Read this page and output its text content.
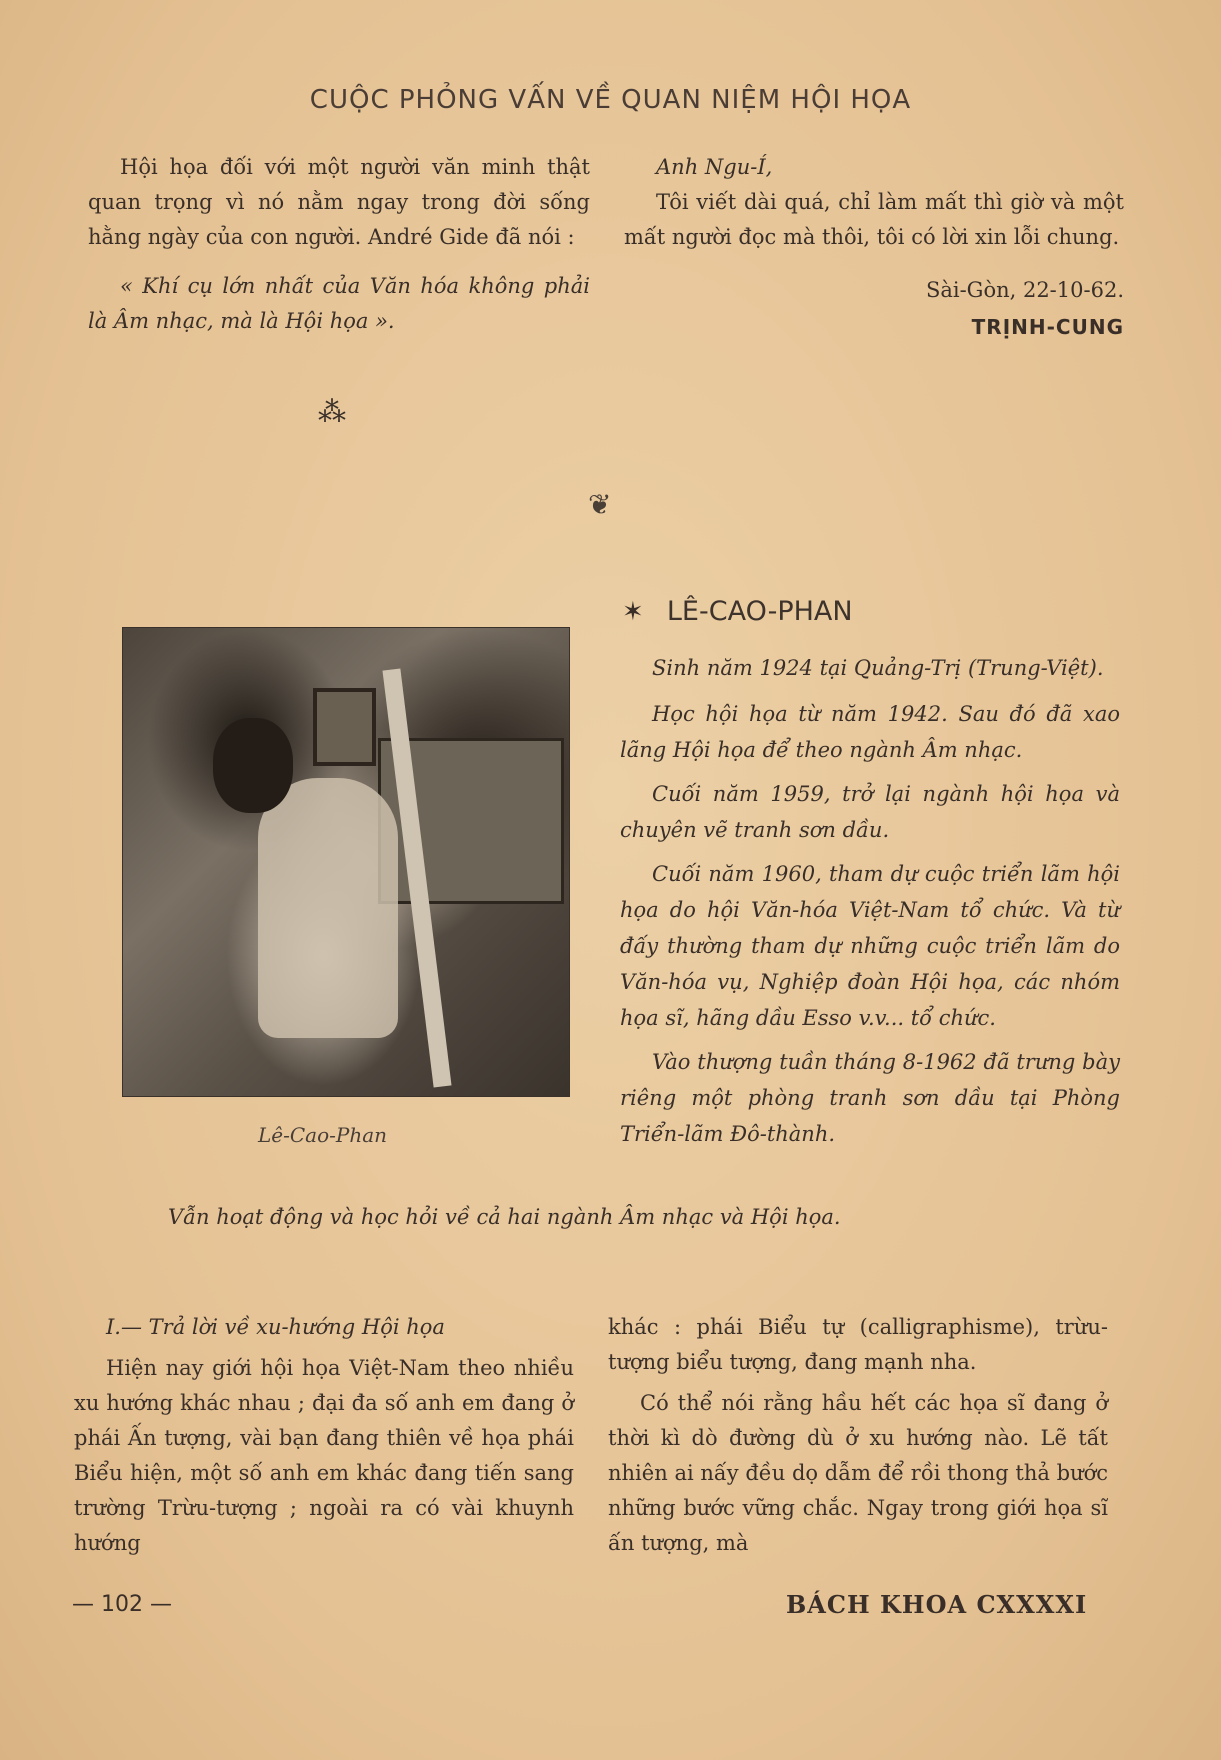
CUỘC PHỎNG VẤN VỀ QUAN NIỆM HỘI HỌA

Hội họa đối với một người văn minh thật quan trọng vì nó nằm ngay trong đời sống hằng ngày của con người. André Gide đã nói :

« Khí cụ lớn nhất của Văn hóa không phải là Âm nhạc, mà là Hội họa ».

⁂

Anh Ngu-Í,

Tôi viết dài quá, chỉ làm mất thì giờ và một mất người đọc mà thôi, tôi có lời xin lỗi chung.

Sài-Gòn, 22-10-62.

TRỊNH-CUNG

❦
Lê-Cao-Phan
✶ LÊ-CAO-PHAN

Sinh năm 1924 tại Quảng-Trị (Trung-Việt).

Học hội họa từ năm 1942. Sau đó đã xao lãng Hội họa để theo ngành Âm nhạc.

Cuối năm 1959, trở lại ngành hội họa và chuyên vẽ tranh sơn dầu.

Cuối năm 1960, tham dự cuộc triển lãm hội họa do hội Văn-hóa Việt-Nam tổ chức. Và từ đấy thường tham dự những cuộc triển lãm do Văn-hóa vụ, Nghiệp đoàn Hội họa, các nhóm họa sĩ, hãng dầu Esso v.v... tổ chức.

Vào thượng tuần tháng 8-1962 đã trưng bày riêng một phòng tranh sơn dầu tại Phòng Triển-lãm Đô-thành.

Vẫn hoạt động và học hỏi về cả hai ngành Âm nhạc và Hội họa.

I.— Trả lời về xu-hướng Hội họa

Hiện nay giới hội họa Việt-Nam theo nhiều xu hướng khác nhau ; đại đa số anh em đang ở phái Ấn tượng, vài bạn đang thiên về họa phái Biểu hiện, một số anh em khác đang tiến sang trường Trừu-tượng ; ngoài ra có vài khuynh hướng

khác : phái Biểu tự (calligraphisme), trừu-tượng biểu tượng, đang mạnh nha.

Có thể nói rằng hầu hết các họa sĩ đang ở thời kì dò đường dù ở xu hướng nào. Lẽ tất nhiên ai nấy đều dọ dẫm để rồi thong thả bước những bước vững chắc. Ngay trong giới họa sĩ ấn tượng, mà

— 102 —	BÁCH KHOA CXXXXI
